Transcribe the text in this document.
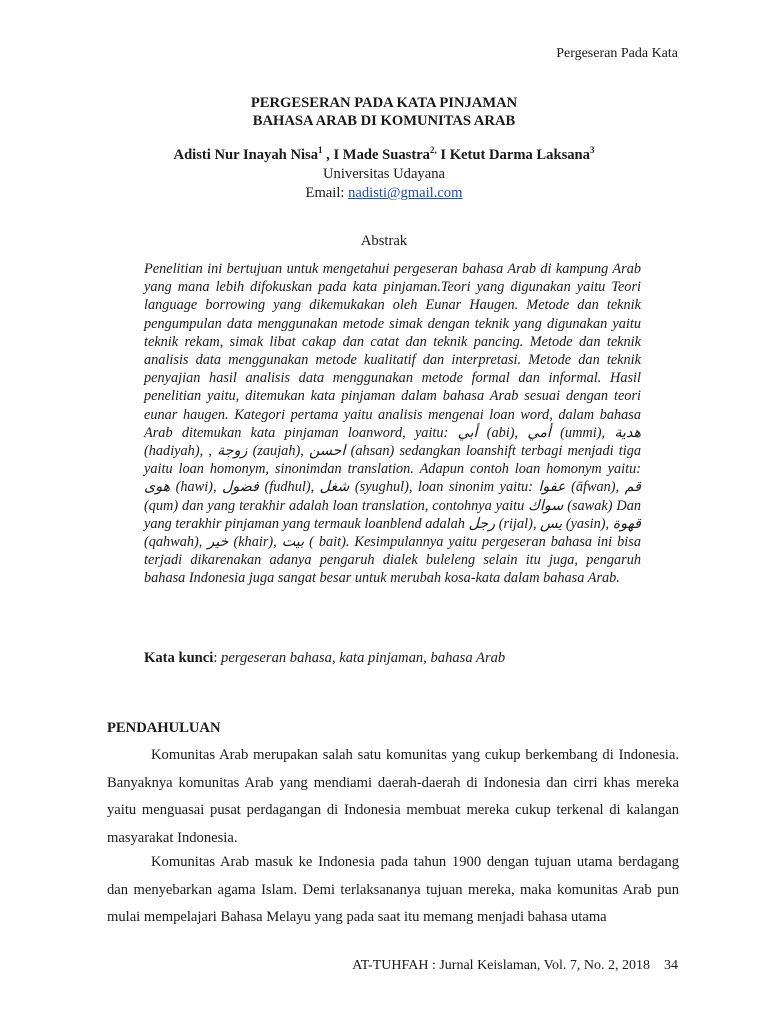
Pergeseran Pada Kata
PERGESERAN PADA KATA PINJAMAN
BAHASA ARAB DI KOMUNITAS ARAB
Adisti Nur Inayah Nisa$^1$ , I Made Suastra$^{2,}$ I Ketut Darma Laksana$^3$
Universitas Udayana
Email: nadisti@gmail.com
Abstrak

Penelitian ini bertujuan untuk mengetahui pergeseran bahasa Arab di kampung Arab yang mana lebih difokuskan pada kata pinjaman.Teori yang digunakan yaitu Teori language borrowing yang dikemukakan oleh Eunar Haugen. Metode dan teknik pengumpulan data menggunakan metode simak dengan teknik yang digunakan yaitu teknik rekam, simak libat cakap dan catat dan teknik pancing. Metode dan teknik analisis data menggunakan metode kualitatif dan interpretasi. Metode dan teknik penyajian hasil analisis data menggunakan metode formal dan informal. Hasil penelitian yaitu, ditemukan kata pinjaman dalam bahasa Arab sesuai dengan teori eunar haugen. Kategori pertama yaitu analisis mengenai loan word, dalam bahasa Arab ditemukan kata pinjaman loanword, yaitu: أبي (abi), أمي (ummi), هدية (hadiyah), , زوجة (zaujah), احسن (ahsan) sedangkan loanshift terbagi menjadi tiga yaitu loan homonym, sinonimdan translation. Adapun contoh loan homonym yaitu: هوى (hawi), فضول (fudhul), شغل (syughul), loan sinonim yaitu: عفوا (āfwan), قم (qum) dan yang terakhir adalah loan translation, contohnya yaitu سواك (sawak) Dan yang terakhir pinjaman yang termauk loanblend adalah رجل (rijal), يس (yasin), قهوة (qahwah), خير (khair), بيت ( bait). Kesimpulannya yaitu pergeseran bahasa ini bisa terjadi dikarenakan adanya pengaruh dialek buleleng selain itu juga, pengaruh bahasa Indonesia juga sangat besar untuk merubah kosa-kata dalam bahasa Arab.

Kata kunci: pergeseran bahasa, kata pinjaman, bahasa Arab
PENDAHULUAN

Komunitas Arab merupakan salah satu komunitas yang cukup berkembang di Indonesia. Banyaknya komunitas Arab yang mendiami daerah-daerah di Indonesia dan cirri khas mereka yaitu menguasai pusat perdagangan di Indonesia membuat mereka cukup terkenal di kalangan masyarakat Indonesia.

Komunitas Arab masuk ke Indonesia pada tahun 1900 dengan tujuan utama berdagang dan menyebarkan agama Islam. Demi terlaksananya tujuan mereka, maka komunitas Arab pun mulai mempelajari Bahasa Melayu yang pada saat itu memang menjadi bahasa utama

AT-TUHFAH : Jurnal Keislaman, Vol. 7, No. 2, 2018 34
